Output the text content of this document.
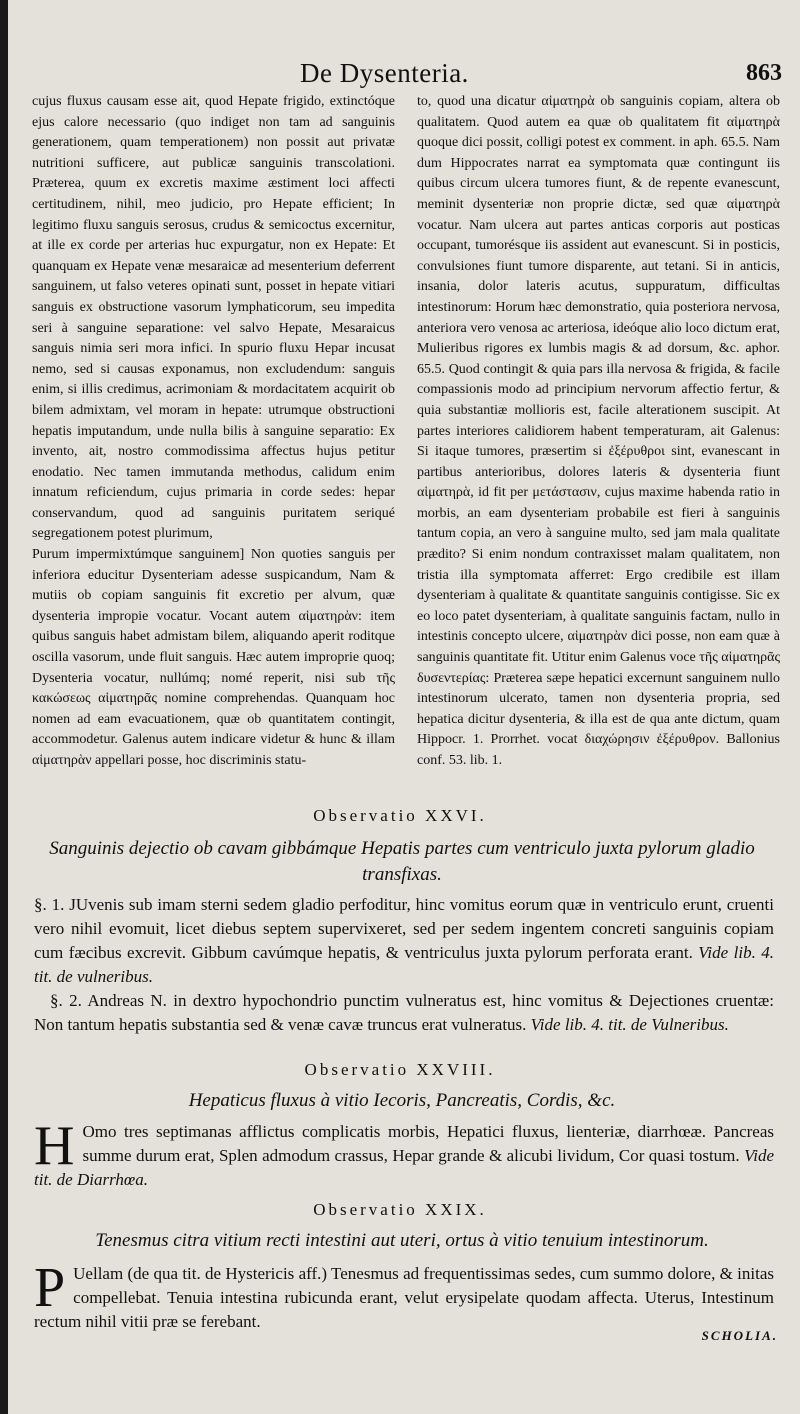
De Dysenteria.	863

cujus fluxus causam esse ait, quod Hepate frigido, extinctóque ejus calore necessario (quo indiget non tam ad sanguinis generationem, quam temperationem) non possit aut privatæ nutritioni sufficere, aut publicæ sanguinis transcolationi. Præterea, quum ex excretis maxime æstiment loci affecti certitudinem, nihil, meo judicio, pro Hepate efficient; In legitimo fluxu sanguis serosus, crudus & semicoctus excernitur, at ille ex corde per arterias huc expurgatur, non ex Hepate: Et quanquam ex Hepate venæ mesaraicæ ad mesenterium deferrent sanguinem, ut falso veteres opinati sunt, posset in hepate vitiari sanguis ex obstructione vasorum lymphaticorum, seu impedita seri à sanguine separatione: vel salvo Hepate, Mesaraicus sanguis nimia seri mora infici. In spurio fluxu Hepar incusat nemo, sed si causas exponamus, non excludendum: sanguis enim, si illis credimus, acrimoniam & mordacitatem acquirit ob bilem admixtam, vel moram in hepate: utrumque obstructioni hepatis imputandum, unde nulla bilis à sanguine separatio: Ex invento, ait, nostro commodissima affectus hujus petitur enodatio. Nec tamen immutanda methodus, calidum enim innatum reficiendum, cujus primaria in corde sedes: hepar conservandum, quod ad sanguinis puritatem seriqué segregationem potest plurimum,

Purum impermixtúmque sanguinem] Non quoties sanguis per inferiora educitur Dysenteriam adesse suspicandum, Nam & mutiis ob copiam sanguinis fit excretio per alvum, quæ dysenteria impropie vocatur. Vocant autem αἱματηρὰν: item quibus sanguis habet admistam bilem, aliquando aperit roditque oscilla vasorum, unde fluit sanguis. Hæc autem improprie quoq; Dysenteria vocatur, nullúmq; nomé reperit, nisi sub τῆς κακώσεως αἱματηρᾶς nomine comprehendas. Quanquam hoc nomen ad eam evacuationem, quæ ob quantitatem contingit, accommodetur. Galenus autem indicare videtur & hunc & illam αἱματηρὰν appellari posse, hoc discriminis statu-

to, quod una dicatur αἱματηρὰ ob sanguinis copiam, altera ob qualitatem. Quod autem ea quæ ob qualitatem fit αἱματηρὰ quoque dici possit, colligi potest ex comment. in aph. 65.5. Nam dum Hippocrates narrat ea symptomata quæ contingunt iis quibus circum ulcera tumores fiunt, & de repente evanescunt, meminit dysenteriæ non proprie dictæ, sed quæ αἱματηρὰ vocatur. Nam ulcera aut partes anticas corporis aut posticas occupant, tumorésque iis assident aut evanescunt. Si in posticis, convulsiones fiunt tumore disparente, aut tetani. Si in anticis, insania, dolor lateris acutus, suppuratum, difficultas intestinorum: Horum hæc demonstratio, quia posteriora nervosa, anteriora vero venosa ac arteriosa, ideóque alio loco dictum erat, Mulieribus rigores ex lumbis magis & ad dorsum, &c. aphor. 65.5. Quod contingit & quia pars illa nervosa & frigida, & facile compassionis modo ad principium nervorum affectio fertur, & quia substantiæ mollioris est, facile alterationem suscipit. At partes interiores calidiorem habent temperaturam, ait Galenus: Si itaque tumores, præsertim si ἐξέρυθροι sint, evanescant in partibus anterioribus, dolores lateris & dysenteria fiunt αἱματηρὰ, id fit per μετάστασιν, cujus maxime habenda ratio in morbis, an eam dysenteriam probabile est fieri à sanguinis tantum copia, an vero à sanguine multo, sed jam mala qualitate prædito? Si enim nondum contraxisset malam qualitatem, non tristia illa symptomata afferret: Ergo credibile est illam dysenteriam à qualitate & quantitate sanguinis contigisse. Sic ex eo loco patet dysenteriam, à qualitate sanguinis factam, nullo in intestinis concepto ulcere, αἱματηρὰν dici posse, non eam quæ à sanguinis quantitate fit. Utitur enim Galenus voce τῆς αἱματηρᾶς δυσεντερίας: Præterea sæpe hepatici excernunt sanguinem nullo intestinorum ulcerato, tamen non dysenteria propria, sed hepatica dicitur dysenteria, & illa est de qua ante dictum, quam Hippocr. 1. Prorrhet. vocat διαχώρησιν ἐξέρυθρον. Ballonius conf. 53. lib. 1.

Observatio XXVI.
Sanguinis dejectio ob cavam gibbámque Hepatis partes cum ventriculo juxta pylorum gladio transfixas.

§. 1. JUvenis sub imam sterni sedem gladio perfoditur, hinc vomitus eorum quæ in ventriculo erunt, cruenti vero nihil evomuit, licet diebus septem supervixeret, sed per sedem ingentem concreti sanguinis copiam cum fæcibus excrevit. Gibbum cavúmque hepatis, & ventriculus juxta pylorum perforata erant. Vide lib. 4. tit. de vulneribus.

§. 2. Andreas N. in dextro hypochondrio punctim vulneratus est, hinc vomitus & Dejectiones cruentæ: Non tantum hepatis substantia sed & venæ cavæ truncus erat vulneratus. Vide lib. 4. tit. de Vulneribus.

Observatio XXVIII.
Hepaticus fluxus à vitio Iecoris, Pancreatis, Cordis, &c.

H Omo tres septimanas afflictus complicatis morbis, Hepatici fluxus, lienteriæ, diarrhœæ. Pancreas summe durum erat, Splen admodum crassus, Hepar grande & alicubi lividum, Cor quasi tostum. Vide tit. de Diarrhœa.

Observatio XXIX.
Tenesmus citra vitium recti intestini aut uteri, ortus à vitio tenuium intestinorum.

P Uellam (de qua tit. de Hystericis aff.) Tenesmus ad frequentissimas sedes, cum summo dolore, & initas compellebat. Tenuia intestina rubicunda erant, velut erysipelate quodam affecta. Uterus, Intestinum rectum nihil vitii præ se ferebant.

SCHOLIA.
